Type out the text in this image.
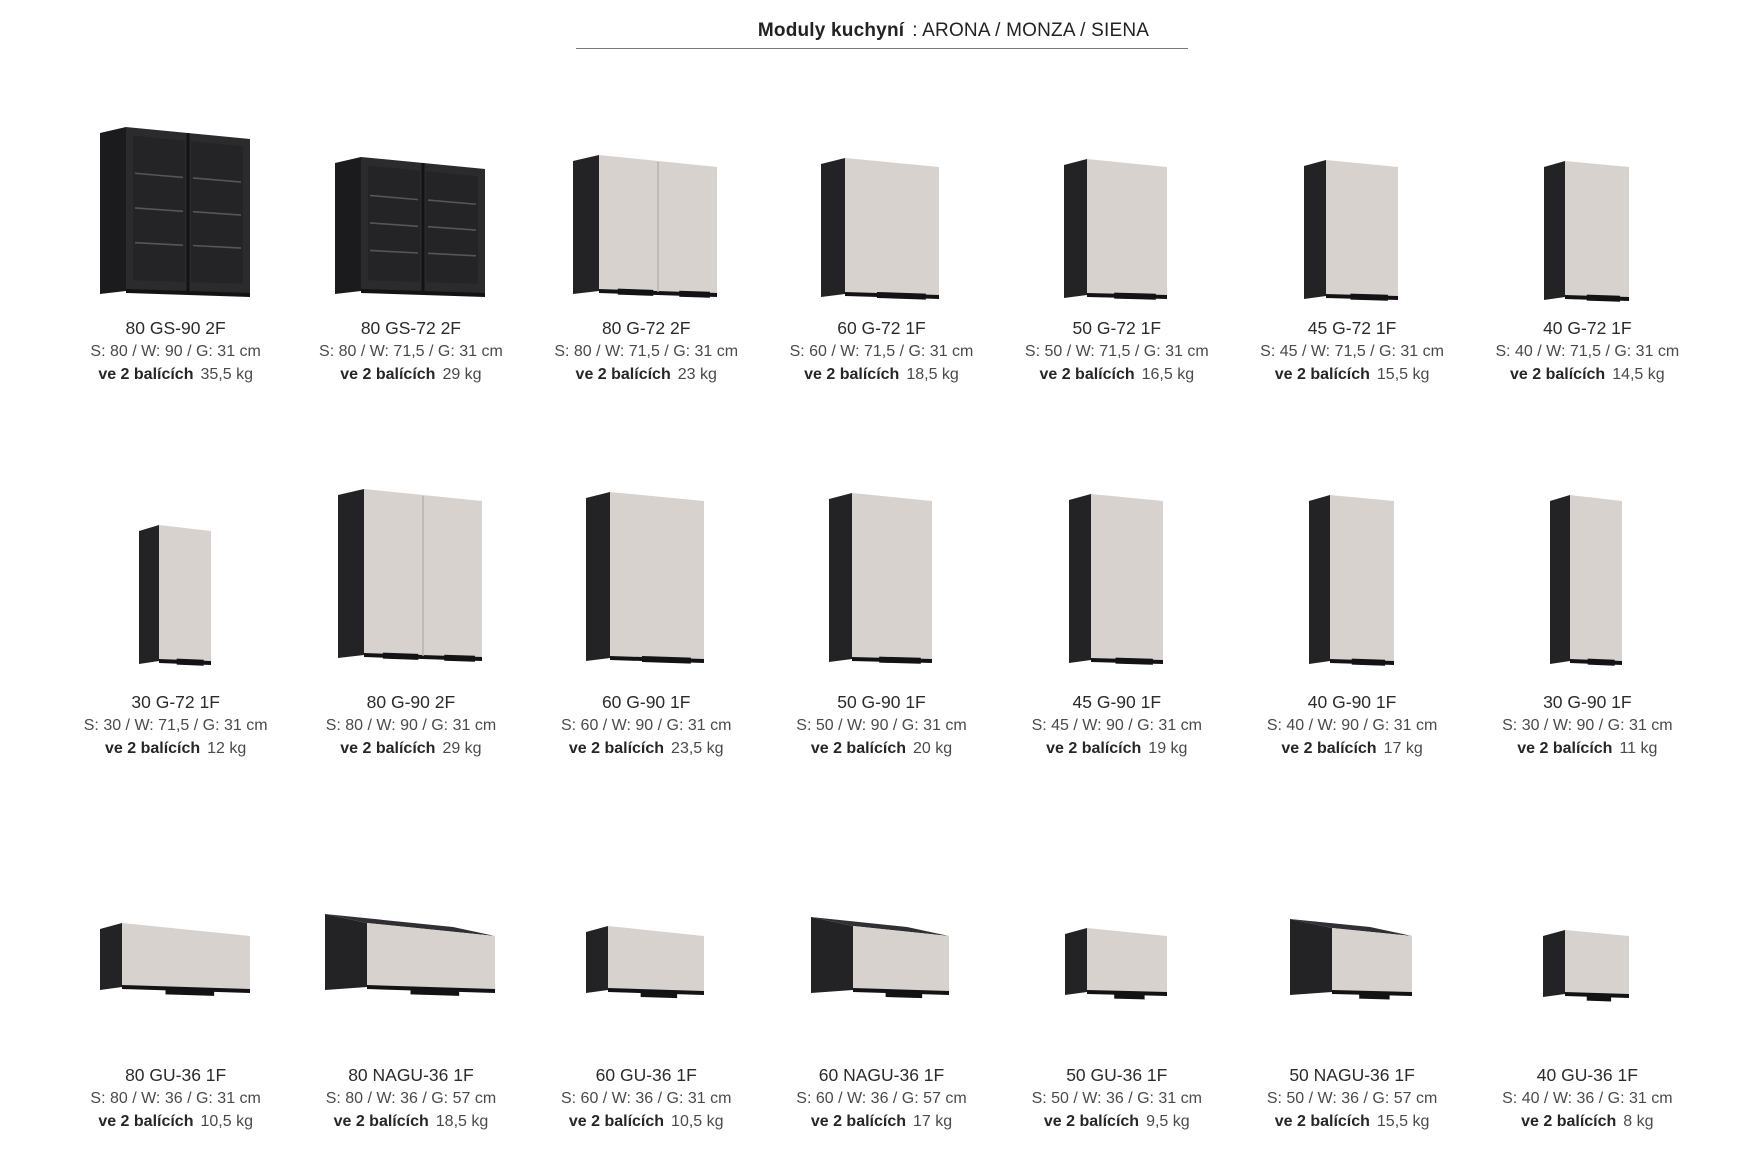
Moduly kuchyní : ARONA / MONZA / SIENA
80 GS-90 2F
S: 80 / W: 90 / G: 31 cm
ve 2 balících 35,5 kg
80 GS-72 2F
S: 80 / W: 71,5 / G: 31 cm
ve 2 balících 29 kg
80 G-72 2F
S: 80 / W: 71,5 / G: 31 cm
ve 2 balících 23 kg
60 G-72 1F
S: 60 / W: 71,5 / G: 31 cm
ve 2 balících 18,5 kg
50 G-72 1F
S: 50 / W: 71,5 / G: 31 cm
ve 2 balících 16,5 kg
45 G-72 1F
S: 45 / W: 71,5 / G: 31 cm
ve 2 balících 15,5 kg
40 G-72 1F
S: 40 / W: 71,5 / G: 31 cm
ve 2 balících 14,5 kg
30 G-72 1F
S: 30 / W: 71,5 / G: 31 cm
ve 2 balících 12 kg
80 G-90 2F
S: 80 / W: 90 / G: 31 cm
ve 2 balících 29 kg
60 G-90 1F
S: 60 / W: 90 / G: 31 cm
ve 2 balících 23,5 kg
50 G-90 1F
S: 50 / W: 90 / G: 31 cm
ve 2 balících 20 kg
45 G-90 1F
S: 45 / W: 90 / G: 31 cm
ve 2 balících 19 kg
40 G-90 1F
S: 40 / W: 90 / G: 31 cm
ve 2 balících 17 kg
30 G-90 1F
S: 30 / W: 90 / G: 31 cm
ve 2 balících 11 kg
80 GU-36 1F
S: 80 / W: 36 / G: 31 cm
ve 2 balících 10,5 kg
80 NAGU-36 1F
S: 80 / W: 36 / G: 57 cm
ve 2 balících 18,5 kg
60 GU-36 1F
S: 60 / W: 36 / G: 31 cm
ve 2 balících 10,5 kg
60 NAGU-36 1F
S: 60 / W: 36 / G: 57 cm
ve 2 balících 17 kg
50 GU-36 1F
S: 50 / W: 36 / G: 31 cm
ve 2 balících 9,5 kg
50 NAGU-36 1F
S: 50 / W: 36 / G: 57 cm
ve 2 balících 15,5 kg
40 GU-36 1F
S: 40 / W: 36 / G: 31 cm
ve 2 balících 8 kg
